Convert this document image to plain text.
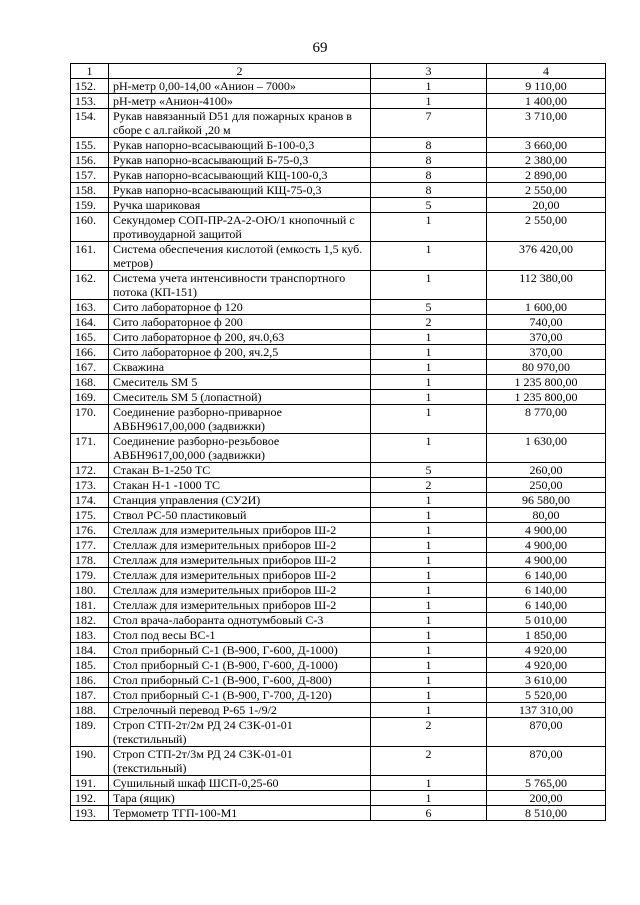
69
1	2	3	4
152.	рН-метр 0,00-14,00 «Анион – 7000»	1	9 110,00
153.	рН-метр «Анион-4100»	1	1 400,00
154.	Рукав навязанный D51 для пожарных кранов в сборе с ал.гайкой ,20 м	7	3 710,00
155.	Рукав напорно-всасывающий Б-100-0,3	8	3 660,00
156.	Рукав напорно-всасывающий Б-75-0,3	8	2 380,00
157.	Рукав напорно-всасывающий КЩ-100-0,3	8	2 890,00
158.	Рукав напорно-всасывающий КЩ-75-0,3	8	2 550,00
159.	Ручка шариковая	5	20,00
160.	Секундомер СОП-ПР-2А-2-ОЮ/1 кнопочный с противоударной защитой	1	2 550,00
161.	Система обеспечения кислотой (емкость 1,5 куб. метров)	1	376 420,00
162.	Система учета интенсивности транспортного потока (КП-151)	1	112 380,00
163.	Сито лабораторное ф 120	5	1 600,00
164.	Сито лабораторное ф 200	2	740,00
165.	Сито лабораторное ф 200, яч.0,63	1	370,00
166.	Сито лабораторное ф 200, яч.2,5	1	370,00
167.	Скважина	1	80 970,00
168.	Смеситель SM 5	1	1 235 800,00
169.	Смеситель SM 5 (лопастной)	1	1 235 800,00
170.	Соединение разборно-приварное АВБН9617,00,000 (задвижки)	1	8 770,00
171.	Соединение разборно-резьбовое АВБН9617,00,000 (задвижки)	1	1 630,00
172.	Стакан В-1-250 ТС	5	260,00
173.	Стакан Н-1 -1000 ТС	2	250,00
174.	Станция управления (СУ2И)	1	96 580,00
175.	Ствол РС-50 пластиковый	1	80,00
176.	Стеллаж для измерительных приборов Ш-2	1	4 900,00
177.	Стеллаж для измерительных приборов Ш-2	1	4 900,00
178.	Стеллаж для измерительных приборов Ш-2	1	4 900,00
179.	Стеллаж для измерительных приборов Ш-2	1	6 140,00
180.	Стеллаж для измерительных приборов Ш-2	1	6 140,00
181.	Стеллаж для измерительных приборов Ш-2	1	6 140,00
182.	Стол врача-лаборанта однотумбовый С-3	1	5 010,00
183.	Стол под весы ВС-1	1	1 850,00
184.	Стол приборный С-1 (В-900, Г-600, Д-1000)	1	4 920,00
185.	Стол приборный С-1 (В-900, Г-600, Д-1000)	1	4 920,00
186.	Стол приборный С-1 (В-900, Г-600, Д-800)	1	3 610,00
187.	Стол приборный С-1 (В-900, Г-700, Д-120)	1	5 520,00
188.	Стрелочный перевод Р-65 1-/9/2	1	137 310,00
189.	Строп СТП-2т/2м РД 24 СЗК-01-01 (текстильный)	2	870,00
190.	Строп СТП-2т/3м РД 24 СЗК-01-01 (текстильный)	2	870,00
191.	Сушильный шкаф ШСП-0,25-60	1	5 765,00
192.	Тара (ящик)	1	200,00
193.	Термометр ТГП-100-М1	6	8 510,00
